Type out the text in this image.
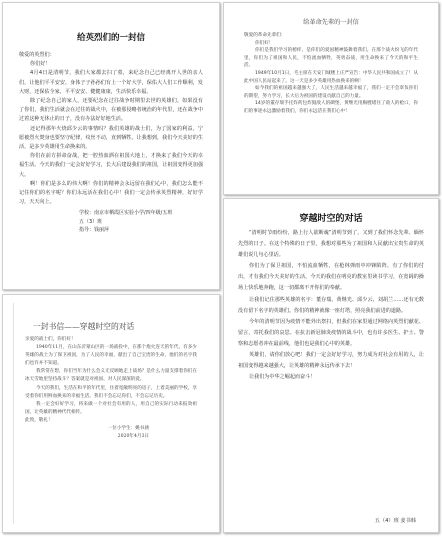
给英烈们的一封信

敬爱的英烈们：

你们好！

4月4日是清明节，我们大家都去扫了墓，来纪念自己已经离开人世的亲人们，让他们平平安安、身体子子孙孙们有上一个好大学，保佑大人们工作顺利，发大财，还保佑全家，平平安安、健健康康，生活快乐幸福。

除了纪念自己的家人，还要纪念在过往战争时期里去世的英雄们。如果没有了你们，我们生活就会在过往的战火中，在被那侵略者统治的年代里，还在战争中过着这种无休止的日子，没有办法好好地生活。

还记得那年火烧邱少云的事情吗？我们英雄的战士们，为了国家的利益，宁愿被烈火焚身也要坚守纪律，纹丝不动，直到牺牲。让我想到，我们今天美好的生活，是多少英雄用生命换来的。

你们在前方拼命奋战，把一腔热血洒在祖国大地上，才换来了我们今天的幸福生活。今天的我们一定会好好学习，长大后建设我们的祖国，让祖国变得更加强大。

啊！你们是多么的伟大啊！你们的精神会永远留在我们心中，我们怎么能不记住你们的名字呢？你们永远活在我们心中！我们一定会传承英烈精神，好好学习，天天向上。

学校：南京市栖霞区实验小学/四年级/五班
五（3）班
指导：钱丽萍
一封书信——穿越时空的对话

亲爱的战士们，你们好！

1940年11月，在山东沂蒙山区的一场战役中，在那个炮火连天的年代，有多少英雄的战士为了保卫祖国，为了人民的幸福，献出了自己宝贵的生命，他们的名字我们也许并不知道。

我常常在想，你们当年为什么会义无反顾地走上战场？是什么力量支撑着你们在冰天雪地里坚持战斗？答案就是对祖国、对人民深深的爱。

今天的我们，生活在和平的年代里，住着宽敞明亮的房子，上着美丽的学校，享受着你们用鲜血换来的幸福生活。我们不会忘记你们，不会忘记历史。

我一定会好好学习，将来做一个对社会有用的人，用自己的实际行动来报效祖国，让英雄的精神代代相传。

此致，敬礼！

一位小学生：姚书涵
2020年4月3日
给革命先辈的一封信

敬爱的革命先辈们：

你们好！

你们是我们学习的榜样，是你们的爱国精神鼓舞着我们。在那个战火纷飞的年代里，你们为了祖国和人民，不怕流血牺牲，英勇奋战，用生命换来了今天的和平生活。

1949年10月1日，毛主席在天安门城楼上庄严宣告：中华人民共和国成立了！从此中国人民站起来了。这一天是多少英雄用热血换来的啊！

如今我们的祖国越来越强大了，人民生活越来越幸福了，我们一定不会辜负你们的期望，努力学习，长大后为祖国的建设贡献自己的力量。

14岁的董存瑞手托炸药包炸毁敌人的碉堡，黄继光用胸膛堵住了敌人的枪口，你们的事迹永远激励着我们，你们永远活在我们心中！

穿越时空的对话

“清明时节雨纷纷，路上行人欲断魂”清明节到了，又到了我们怀念先辈、缅怀先烈的日子。在这个特殊的日子里，我想对那些为了祖国和人民献出宝贵生命的英雄们说几句心里话。

你们为了保卫祖国，不怕流血牺牲，在枪林弹雨中冲锋陷阵。有了你们的付出，才有我们今天美好的生活。今天的我们在明亮的教室里读书学习，在宽阔的操场上快乐地奔跑，这一切都离不开你们的奉献。

让我们记住那些英雄的名字：董存瑞、黄继光、邱少云、刘胡兰……还有无数没有留下名字的英雄们。你们的精神就像一座灯塔，照亮我们前进的道路。

今年的清明节因为疫情不能外出祭扫，但我们在家里通过网络向英烈们献花、留言，寄托我们的哀思。在抗击新冠肺炎疫情的战斗中，也有许多医生、护士、警察和志愿者冲在最前线，他们也是我们心中的英雄。

英雄们，请你们放心吧！我们一定会好好学习，努力成为对社会有用的人，让祖国变得越来越强大，让英雄的精神永远传承下去！

让我们为中华之崛起而奋斗！

五（4）班 姜书韩
